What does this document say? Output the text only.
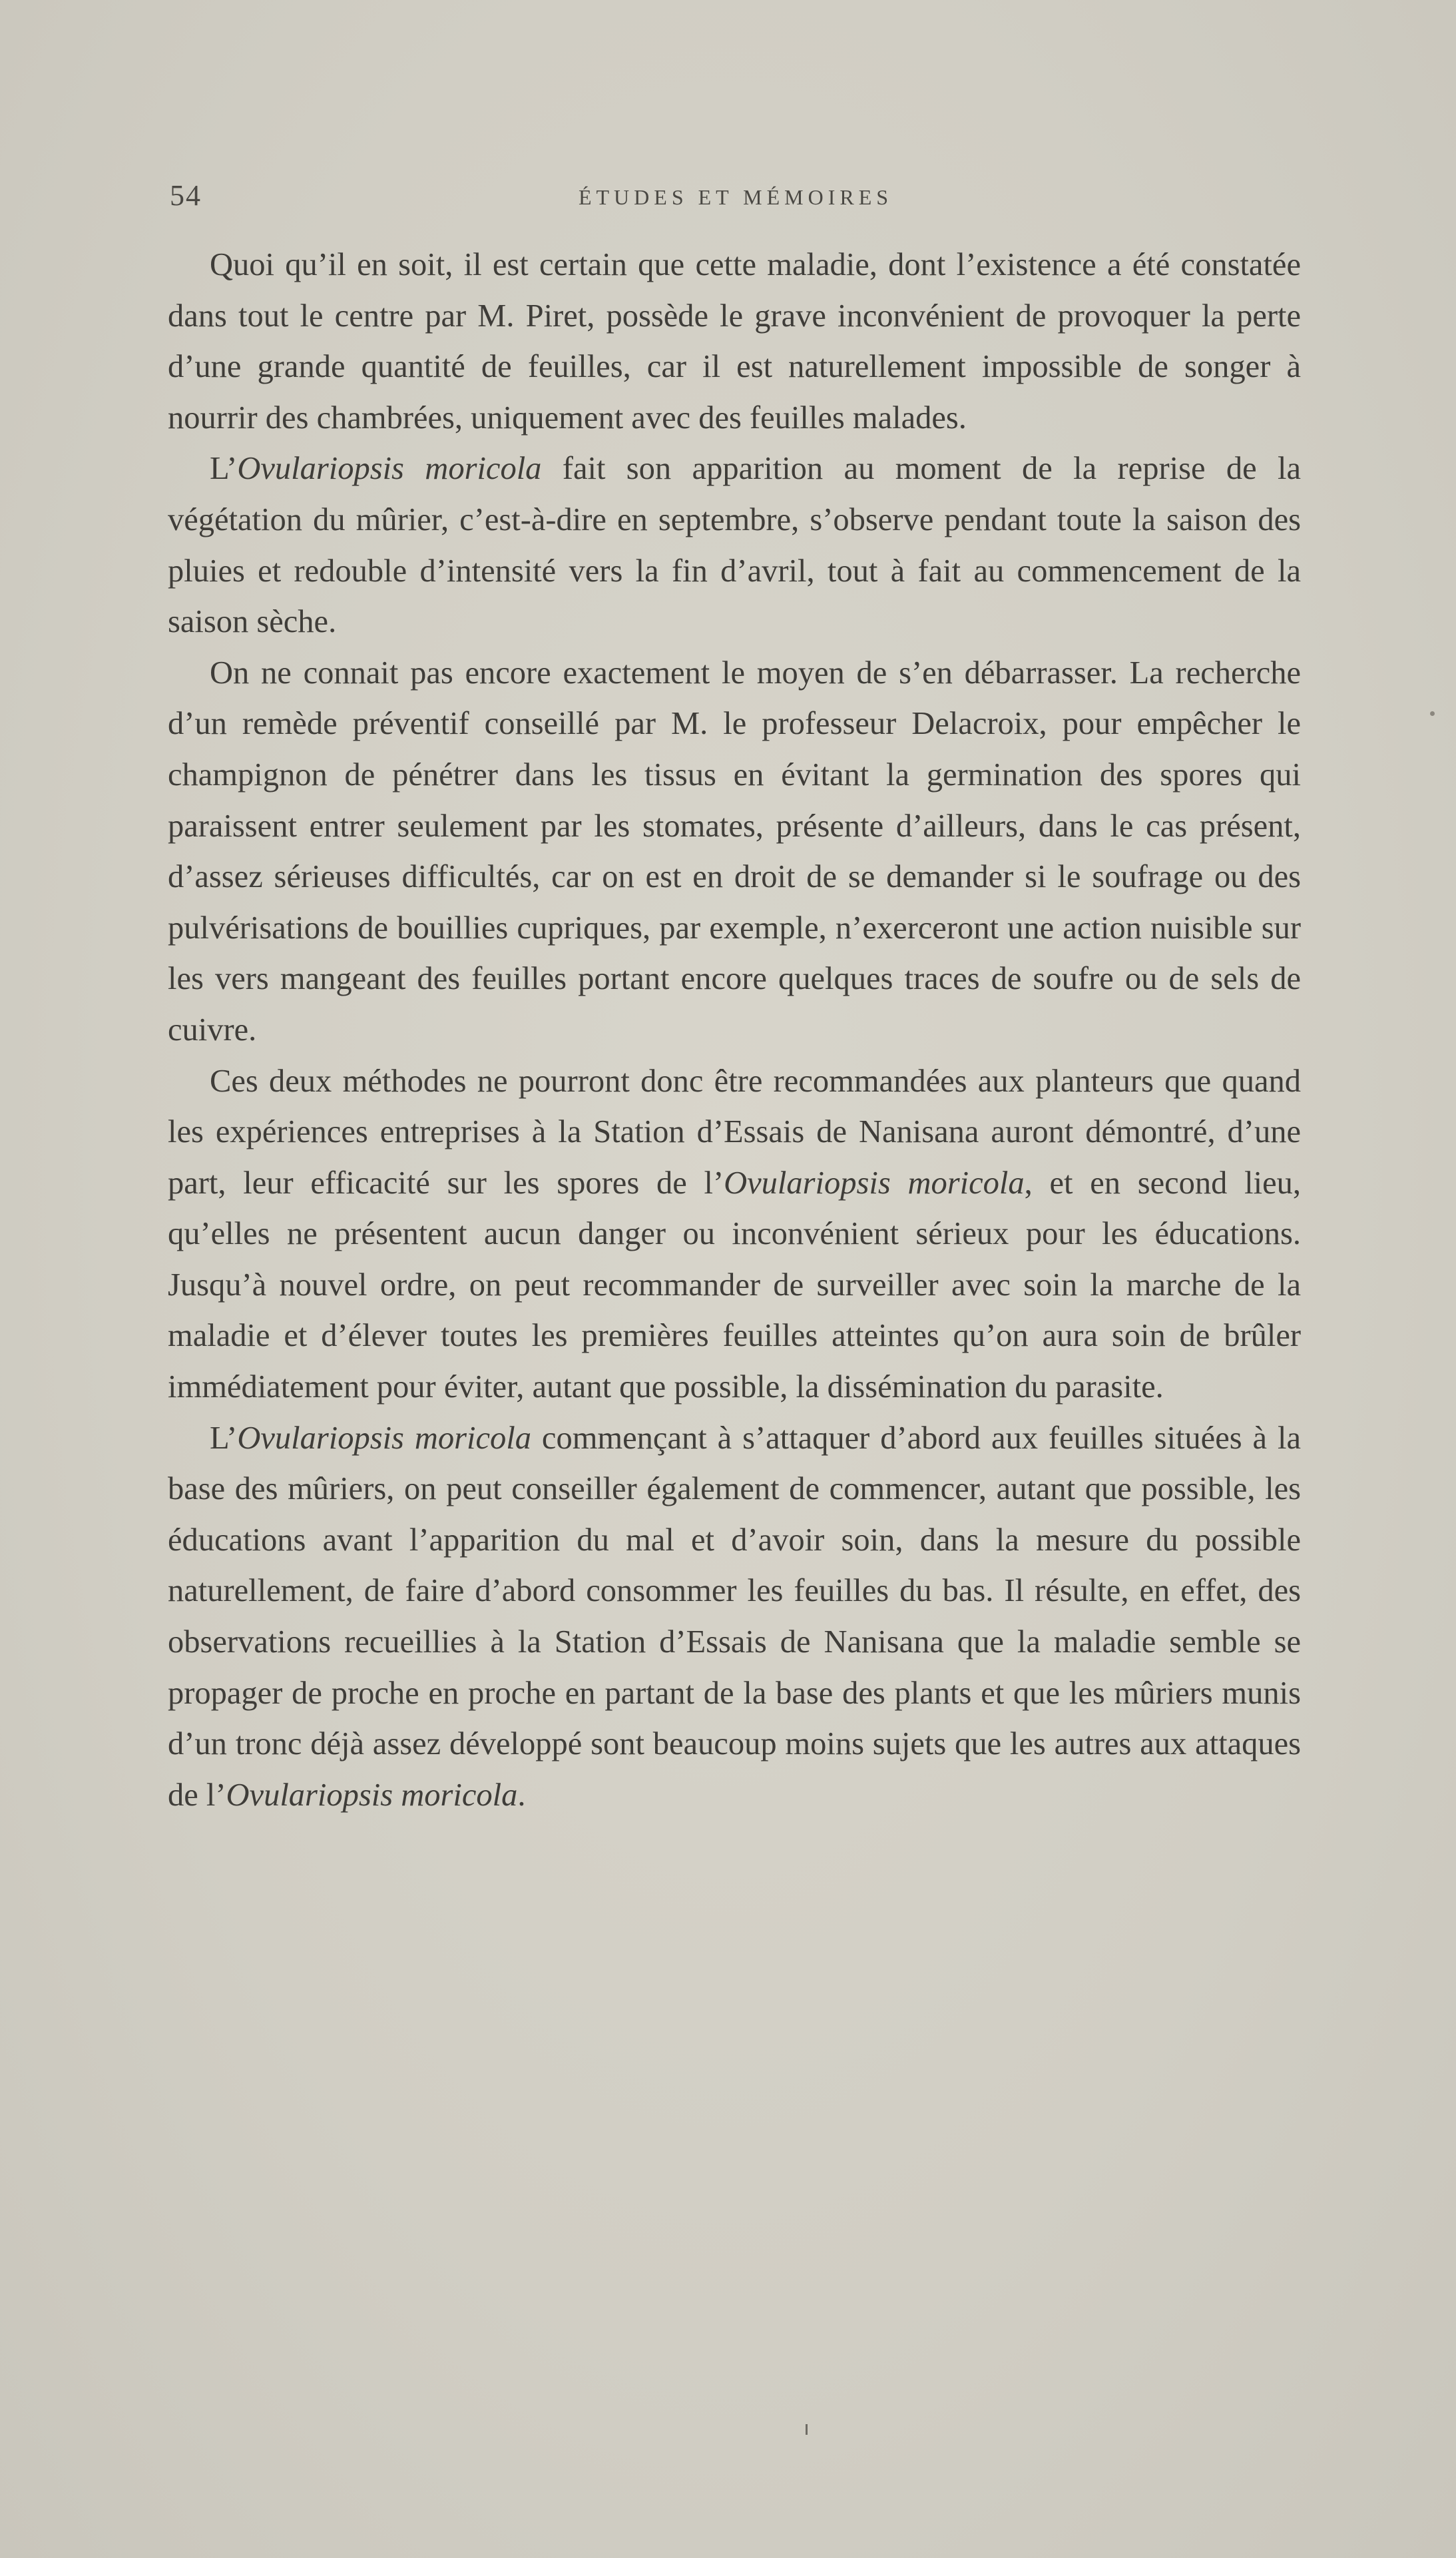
54	ÉTUDES ET MÉMOIRES

Quoi qu’il en soit, il est certain que cette maladie, dont l’existence a été constatée dans tout le centre par M. Piret, possède le grave inconvénient de provoquer la perte d’une grande quantité de feuilles, car il est naturellement impossible de songer à nourrir des chambrées, uniquement avec des feuilles malades.

L’Ovulariopsis moricola fait son apparition au moment de la reprise de la végétation du mûrier, c’est-à-dire en septembre, s’observe pendant toute la saison des pluies et redouble d’intensité vers la fin d’avril, tout à fait au commencement de la saison sèche.

On ne connait pas encore exactement le moyen de s’en débarrasser. La recherche d’un remède préventif conseillé par M. le professeur Delacroix, pour empêcher le champignon de pénétrer dans les tissus en évitant la germination des spores qui paraissent entrer seulement par les stomates, présente d’ailleurs, dans le cas présent, d’assez sérieuses difficultés, car on est en droit de se demander si le soufrage ou des pulvérisations de bouillies cupriques, par exemple, n’exerceront une action nuisible sur les vers mangeant des feuilles portant encore quelques traces de soufre ou de sels de cuivre.

Ces deux méthodes ne pourront donc être recommandées aux planteurs que quand les expériences entreprises à la Station d’Essais de Nanisana auront démontré, d’une part, leur efficacité sur les spores de l’Ovulariopsis moricola, et en second lieu, qu’elles ne présentent aucun danger ou inconvénient sérieux pour les éducations. Jusqu’à nouvel ordre, on peut recommander de surveiller avec soin la marche de la maladie et d’élever toutes les premières feuilles atteintes qu’on aura soin de brûler immédiatement pour éviter, autant que possible, la dissémination du parasite.

L’Ovulariopsis moricola commençant à s’attaquer d’abord aux feuilles situées à la base des mûriers, on peut conseiller également de commencer, autant que possible, les éducations avant l’apparition du mal et d’avoir soin, dans la mesure du possible naturellement, de faire d’abord consommer les feuilles du bas. Il résulte, en effet, des observations recueillies à la Station d’Essais de Nanisana que la maladie semble se propager de proche en proche en partant de la base des plants et que les mûriers munis d’un tronc déjà assez développé sont beaucoup moins sujets que les autres aux attaques de l’Ovulariopsis moricola.
